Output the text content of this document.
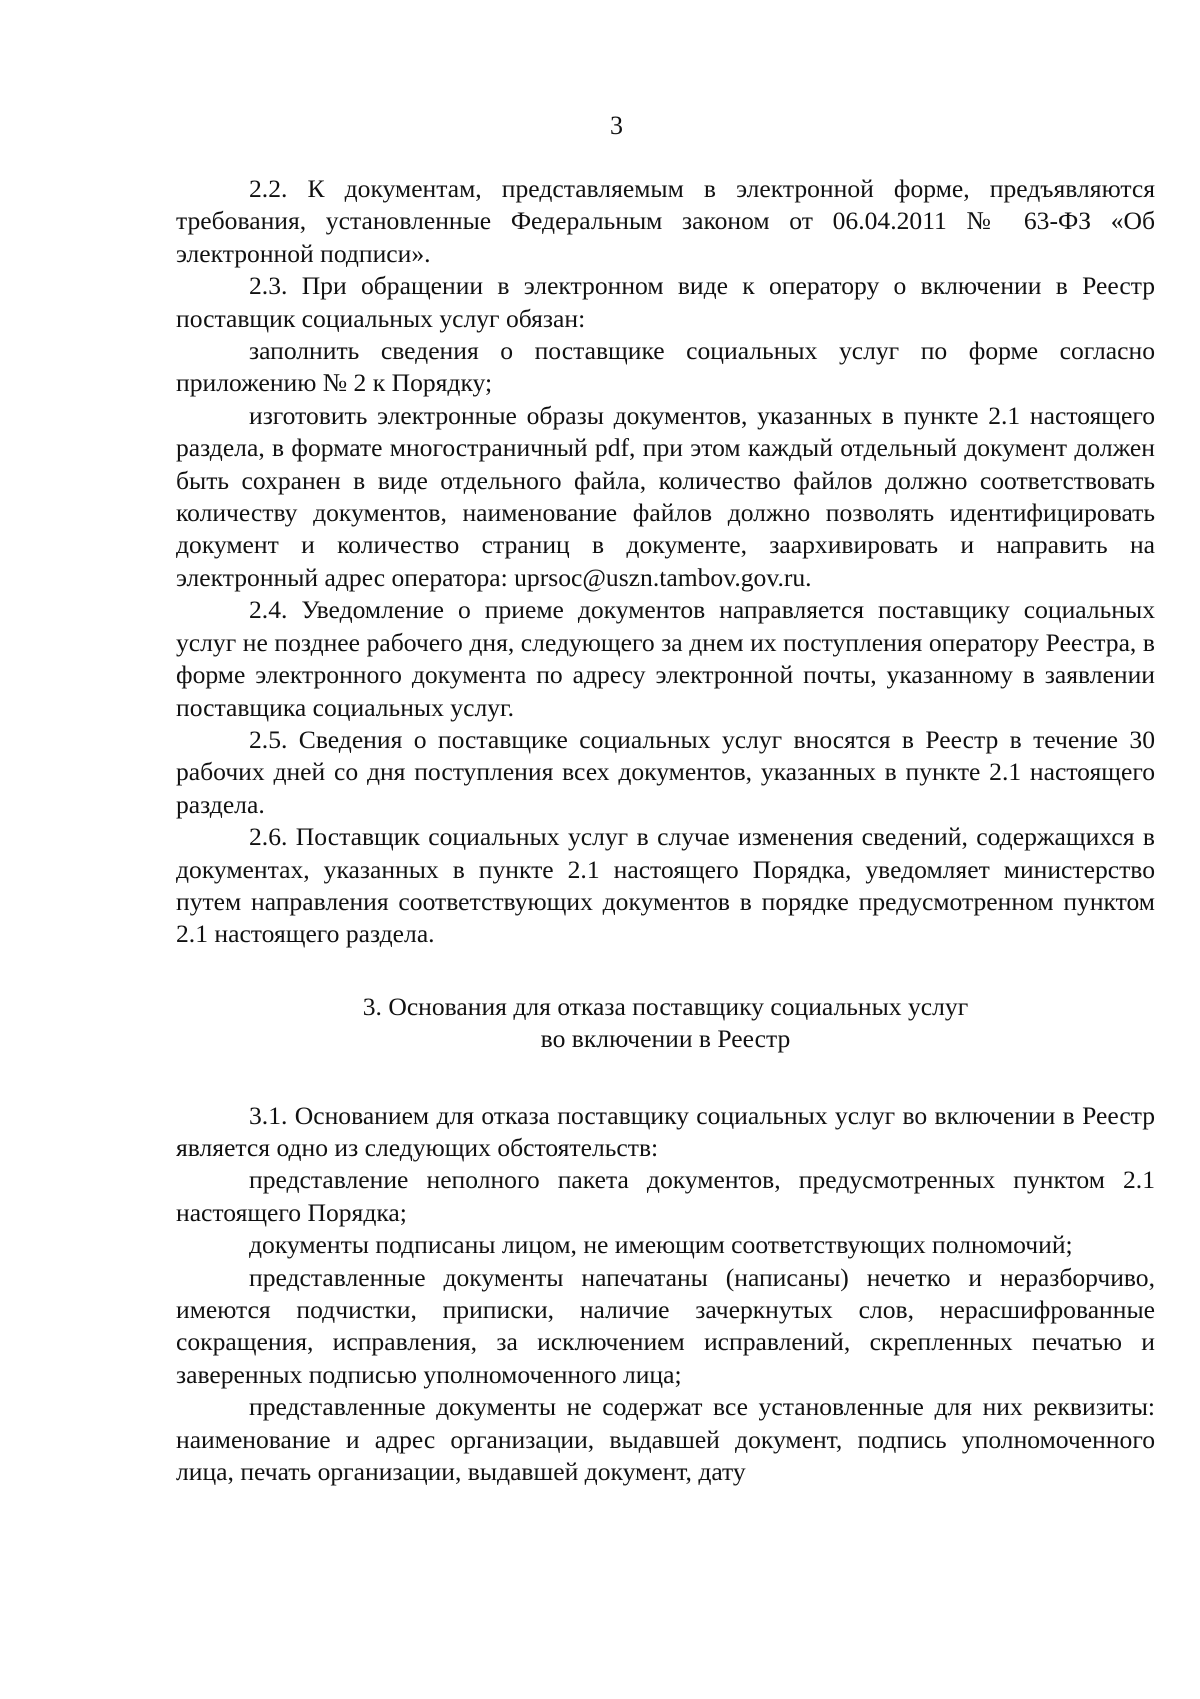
3

2.2. К документам, представляемым в электронной форме, предъявляются требования, установленные Федеральным законом от 06.04.2011 № 63-ФЗ «Об электронной подписи».

2.3. При обращении в электронном виде к оператору о включении в Реестр поставщик социальных услуг обязан:

заполнить сведения о поставщике социальных услуг по форме согласно приложению № 2 к Порядку;

изготовить электронные образы документов, указанных в пункте 2.1 настоящего раздела, в формате многостраничный pdf, при этом каждый отдельный документ должен быть сохранен в виде отдельного файла, количество файлов должно соответствовать количеству документов, наименование файлов должно позволять идентифицировать документ и количество страниц в документе, заархивировать и направить на электронный адрес оператора: uprsoc@uszn.tambov.gov.ru.

2.4. Уведомление о приеме документов направляется поставщику социальных услуг не позднее рабочего дня, следующего за днем их поступления оператору Реестра, в форме электронного документа по адресу электронной почты, указанному в заявлении поставщика социальных услуг.

2.5. Сведения о поставщике социальных услуг вносятся в Реестр в течение 30 рабочих дней со дня поступления всех документов, указанных в пункте 2.1 настоящего раздела.

2.6. Поставщик социальных услуг в случае изменения сведений, содержащихся в документах, указанных в пункте 2.1 настоящего Порядка, уведомляет министерство путем направления соответствующих документов в порядке предусмотренном пунктом 2.1 настоящего раздела.

3. Основания для отказа поставщику социальных услуг
во включении в Реестр

3.1. Основанием для отказа поставщику социальных услуг во включении в Реестр является одно из следующих обстоятельств:

представление неполного пакета документов, предусмотренных пунктом 2.1 настоящего Порядка;

документы подписаны лицом, не имеющим соответствующих полномочий;

представленные документы напечатаны (написаны) нечетко и неразборчиво, имеются подчистки, приписки, наличие зачеркнутых слов, нерасшифрованные сокращения, исправления, за исключением исправлений, скрепленных печатью и заверенных подписью уполномоченного лица;

представленные документы не содержат все установленные для них реквизиты: наименование и адрес организации, выдавшей документ, подпись уполномоченного лица, печать организации, выдавшей документ, дату
